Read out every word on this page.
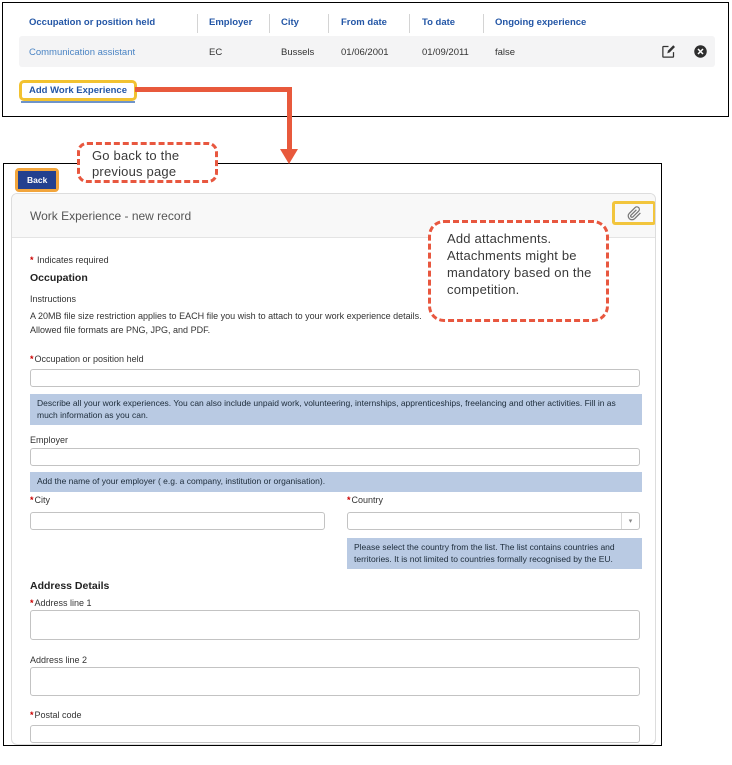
Occupation or position held	Employer	City	From date	To date	Ongoing experience
Communication assistant	EC	Bussels	01/06/2001	01/09/2011	false
Add Work Experience
Back
Work Experience - new record
* Indicates required
Occupation
Instructions
A 20MB file size restriction applies to EACH file you wish to attach to your work experience details.
Allowed file formats are PNG, JPG, and PDF.
*Occupation or position held
Describe all your work experiences. You can also include unpaid work, volunteering, internships, apprenticeships, freelancing and other activities. Fill in as much information as you can.
Employer
Add the name of your employer ( e.g. a company, institution or organisation).
*City	*Country
▾
Please select the country from the list. The list contains countries and territories. It is not limited to countries formally recognised by the EU.
Address Details
*Address line 1
Address line 2
*Postal code
Go back to the previous page
Add attachments. Attachments might be mandatory based on the competition.
